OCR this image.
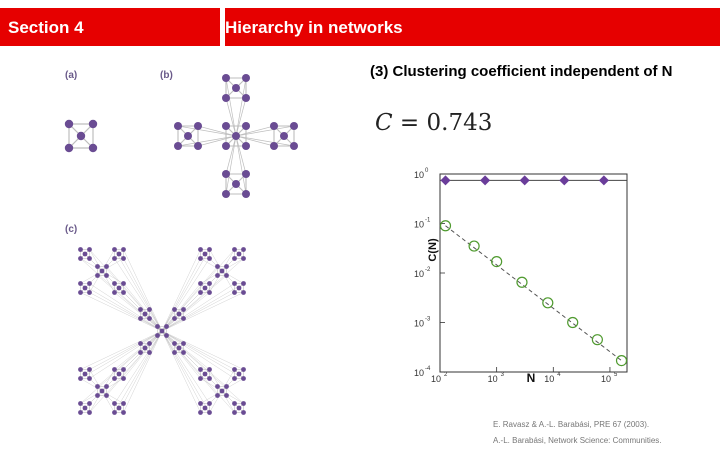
Section 4	Hierarchy in networks
(a)	(b)
(c)
(3) Clustering coefficient independent of N
C = 0.743
10 0
10 -1
10 -2
10 -3
10 -4
10 2	10 3	10 4	10 5
N
C(N)
E. Ravasz & A.-L. Barabási, PRE 67 (2003).
A.-L. Barabási, Network Science: Communities.
